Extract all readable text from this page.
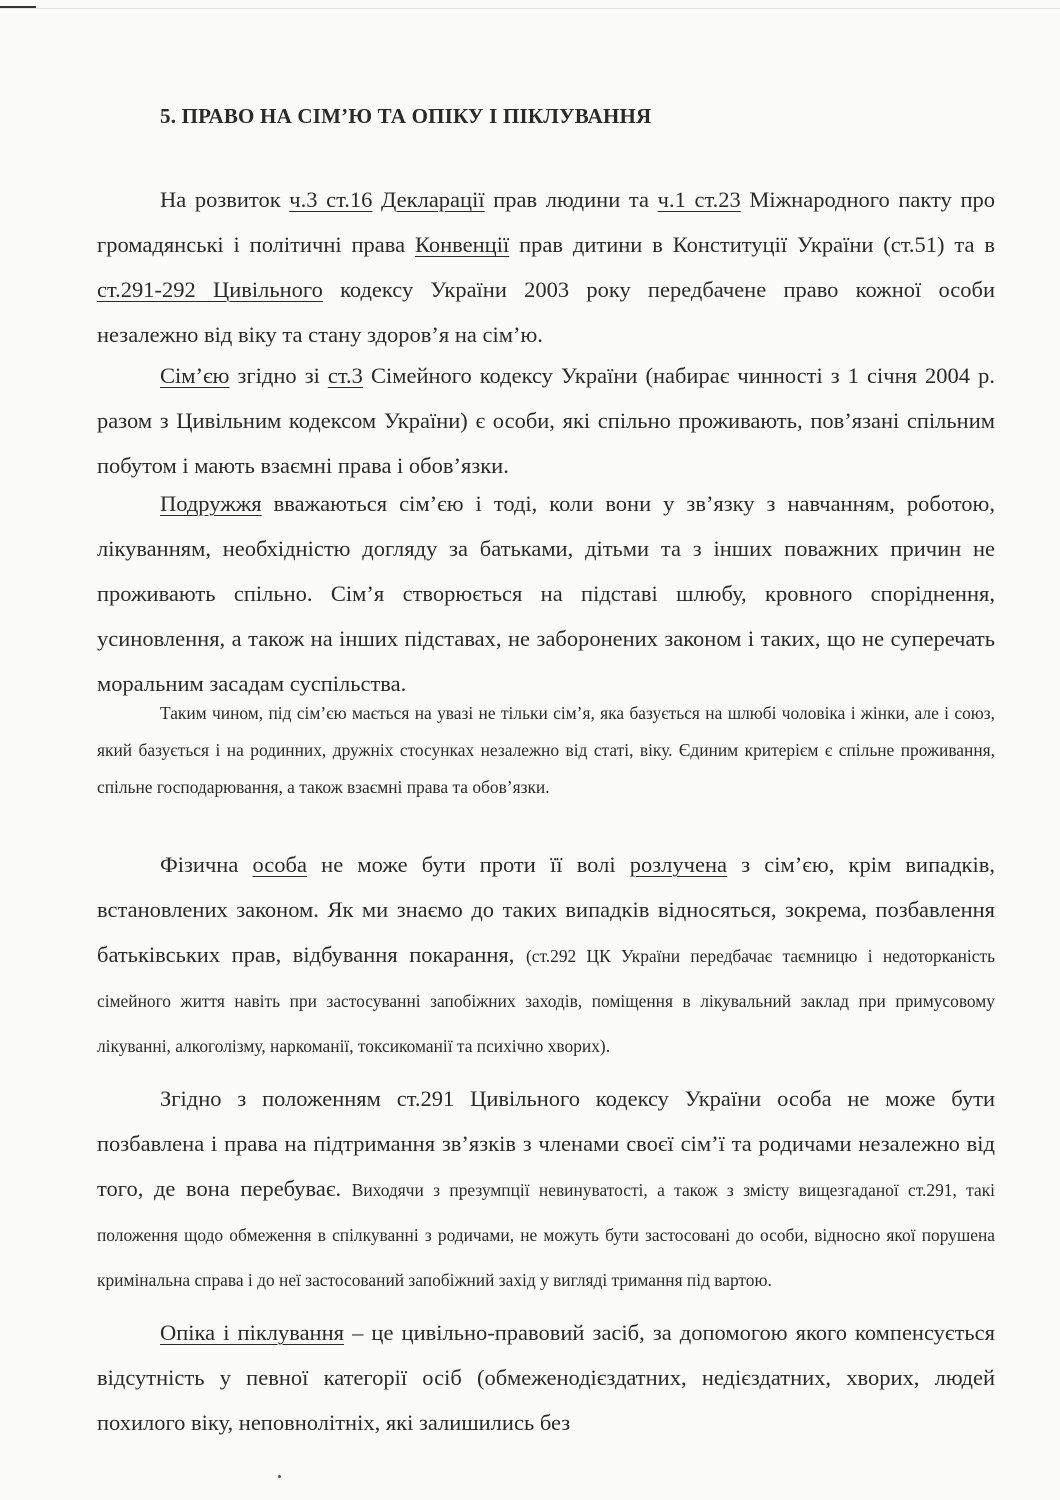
5. ПРАВО НА СІМ’Ю ТА ОПІКУ І ПІКЛУВАННЯ

На розвиток ч.3 ст.16 Декларації прав людини та ч.1 ст.23 Міжнародного пакту про громадянські і політичні права Конвенції прав дитини в Конституції України (ст.51) та в ст.291-292 Цивільного кодексу України 2003 року передбачене право кожної особи незалежно від віку та стану здоров’я на сім’ю.

Сім’єю згідно зі ст.3 Сімейного кодексу України (набирає чинності з 1 січня 2004 р. разом з Цивільним кодексом України) є особи, які спільно проживають, пов’язані спільним побутом і мають взаємні права і обов’язки.

Подружжя вважаються сім’єю і тоді, коли вони у зв’язку з навчанням, роботою, лікуванням, необхідністю догляду за батьками, дітьми та з інших поважних причин не проживають спільно. Сім’я створюється на підставі шлюбу, кровного споріднення, усиновлення, а також на інших підставах, не заборонених законом і таких, що не суперечать моральним засадам суспільства.

Таким чином, під сім’єю мається на увазі не тільки сім’я, яка базується на шлюбі чоловіка і жінки, але і союз, який базується і на родинних, дружніх стосунках незалежно від статі, віку. Єдиним критерієм є спільне проживання, спільне господарювання, а також взаємні права та обов’язки.

Фізична особа не може бути проти її волі розлучена з сім’єю, крім випадків, встановлених законом. Як ми знаємо до таких випадків відносяться, зокрема, позбавлення батьківських прав, відбування покарання, (ст.292 ЦК України передбачає таємницю і недоторканість сімейного життя навіть при застосуванні запобіжних заходів, поміщення в лікувальний заклад при примусовому лікуванні, алкоголізму, наркоманії, токсикоманії та психічно хворих).

Згідно з положенням ст.291 Цивільного кодексу України особа не може бути позбавлена і права на підтримання зв’язків з членами своєї сім’ї та родичами незалежно від того, де вона перебуває. Виходячи з презумпції невинуватості, а також з змісту вищезгаданої ст.291, такі положення щодо обмеження в спілкуванні з родичами, не можуть бути застосовані до особи, відносно якої порушена кримінальна справа і до неї застосований запобіжний захід у вигляді тримання під вартою.

Опіка і піклування – це цивільно-правовий засіб, за допомогою якого компенсується відсутність у певної категорії осіб (обмеженодієздатних, недієздатних, хворих, людей похилого віку, неповнолітніх, які залишились без
